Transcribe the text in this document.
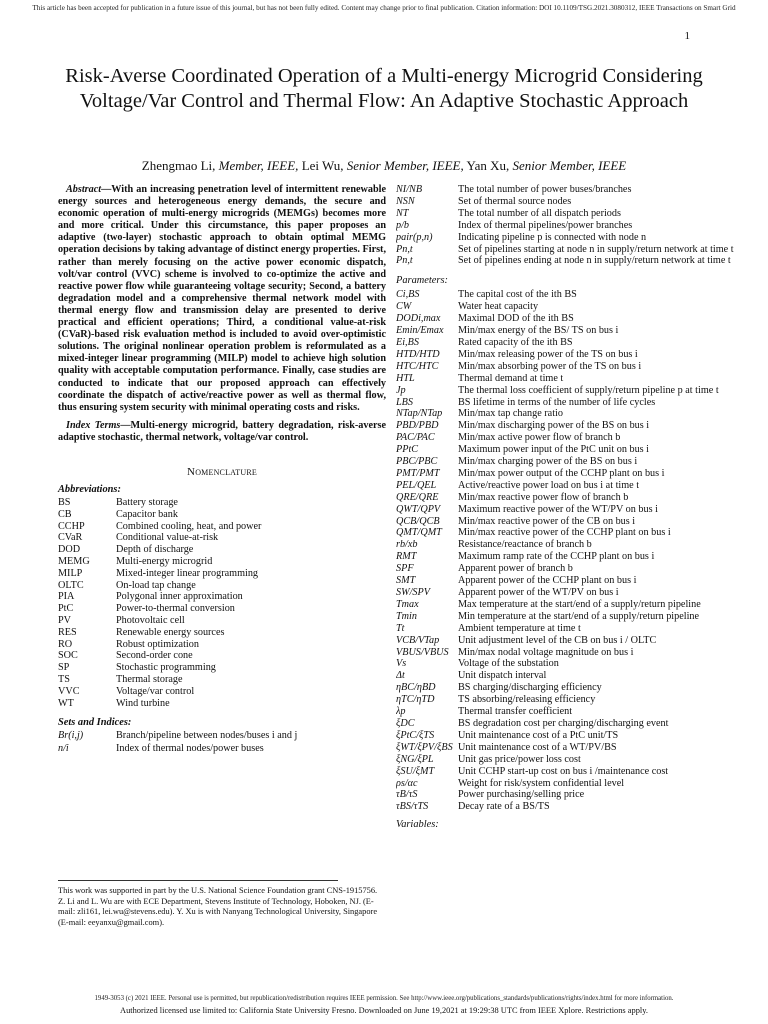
This article has been accepted for publication in a future issue of this journal, but has not been fully edited. Content may change prior to final publication. Citation information: DOI 10.1109/TSG.2021.3080312, IEEE Transactions on Smart Grid
1
Risk-Averse Coordinated Operation of a Multi-energy Microgrid Considering Voltage/Var Control and Thermal Flow: An Adaptive Stochastic Approach
Zhengmao Li, Member, IEEE, Lei Wu, Senior Member, IEEE, Yan Xu, Senior Member, IEEE

Abstract—With an increasing penetration level of intermittent renewable energy sources and heterogeneous energy demands, the secure and economic operation of multi-energy microgrids (MEMGs) becomes more and more critical. Under this circumstance, this paper proposes an adaptive (two-layer) stochastic approach to obtain optimal MEMG operation decisions by taking advantage of distinct energy properties. First, rather than merely focusing on the active power economic dispatch, volt/var control (VVC) scheme is involved to co-optimize the active and reactive power flow while guaranteeing voltage security; Second, a battery degradation model and a comprehensive thermal network model with thermal energy flow and transmission delay are presented to derive practical and efficient operations; Third, a conditional value-at-risk (CVaR)-based risk evaluation method is included to avoid over-optimistic solutions. The original nonlinear operation problem is reformulated as a mixed-integer linear programming (MILP) model to achieve high solution quality with acceptable computation performance. Finally, case studies are conducted to indicate that our proposed approach can effectively coordinate the dispatch of active/reactive power as well as thermal flow, thus ensuring system security with minimal operating costs and risks.

Index Terms—Multi-energy microgrid, battery degradation, risk-averse adaptive stochastic, thermal network, voltage/var control.

Nomenclature
Abbreviations:
BS	Battery storage
CB	Capacitor bank
CCHP	Combined cooling, heat, and power
CVaR	Conditional value-at-risk
DOD	Depth of discharge
MEMG	Multi-energy microgrid
MILP	Mixed-integer linear programming
OLTC	On-load tap change
PIA	Polygonal inner approximation
PtC	Power-to-thermal conversion
PV	Photovoltaic cell
RES	Renewable energy sources
RO	Robust optimization
SOC	Second-order cone
SP	Stochastic programming
TS	Thermal storage
VVC	Voltage/var control
WT	Wind turbine
Sets and Indices:
Br(i,j)	Branch/pipeline between nodes/buses i and j
n/i	Index of thermal nodes/power buses

This work was supported in part by the U.S. National Science Foundation grant CNS-1915756.

Z. Li and L. Wu are with ECE Department, Stevens Institute of Technology, Hoboken, NJ. (E-mail: zli161, lei.wu@stevens.edu). Y. Xu is with Nanyang Technological University, Singapore (E-mail: eeyanxu@gmail.com).

NI/NB	The total number of power buses/branches
NSN	Set of thermal source nodes
NT	The total number of all dispatch periods
p/b	Index of thermal pipelines/power branches
pair(p,n)	Indicating pipeline p is connected with node n
Pn,t	Set of pipelines starting at node n in supply/return network at time t
Pn,t	Set of pipelines ending at node n in supply/return network at time t
Parameters:
Ci,BS	The capital cost of the ith BS
CW	Water heat capacity
DODi,max	Maximal DOD of the ith BS
Emin/Emax	Min/max energy of the BS/ TS on bus i
Ei,BS	Rated capacity of the ith BS
HTD/HTD	Min/max releasing power of the TS on bus i
HTC/HTC	Min/max absorbing power of the TS on bus i
HTL	Thermal demand at time t
Jp	The thermal loss coefficient of supply/return pipeline p at time t
LBS	BS lifetime in terms of the number of life cycles
NTap/NTap	Min/max tap change ratio
PBD/PBD	Min/max discharging power of the BS on bus i
PAC/PAC	Min/max active power flow of branch b
PPtC	Maximum power input of the PtC unit on bus i
PBC/PBC	Min/max charging power of the BS on bus i
PMT/PMT	Min/max power output of the CCHP plant on bus i
PEL/QEL	Active/reactive power load on bus i at time t
QRE/QRE	Min/max reactive power flow of branch b
QWT/QPV	Maximum reactive power of the WT/PV on bus i
QCB/QCB	Min/max reactive power of the CB on bus i
QMT/QMT	Min/max reactive power of the CCHP plant on bus i
rb/xb	Resistance/reactance of branch b
RMT	Maximum ramp rate of the CCHP plant on bus i
SPF	Apparent power of branch b
SMT	Apparent power of the CCHP plant on bus i
SW/SPV	Apparent power of the WT/PV on bus i
Tmax	Max temperature at the start/end of a supply/return pipeline
Tmin	Min temperature at the start/end of a supply/return pipeline
Tt	Ambient temperature at time t
VCB/VTap	Unit adjustment level of the CB on bus i / OLTC
VBUS/VBUS Min/max nodal voltage magnitude on bus i
Vs	Voltage of the substation
Δt	Unit dispatch interval
ηBC/ηBD	BS charging/discharging efficiency
ηTC/ηTD	TS absorbing/releasing efficiency
λp	Thermal transfer coefficient
ξDC	BS degradation cost per charging/discharging event
ξPtC/ξTS	Unit maintenance cost of a PtC unit/TS
ξWT/ξPV/ξBS Unit maintenance cost of a WT/PV/BS
ξNG/ξPL	Unit gas price/power loss cost
ξSU/ξMT	Unit CCHP start-up cost on bus i /maintenance cost
ρs/αc	Weight for risk/system confidential level
τB/τS	Power purchasing/selling price
τBS/τTS	Decay rate of a BS/TS
Variables:
1949-3053 (c) 2021 IEEE. Personal use is permitted, but republication/redistribution requires IEEE permission. See http://www.ieee.org/publications_standards/publications/rights/index.html for more information.
Authorized licensed use limited to: California State University Fresno. Downloaded on June 19,2021 at 19:29:38 UTC from IEEE Xplore. Restrictions apply.
